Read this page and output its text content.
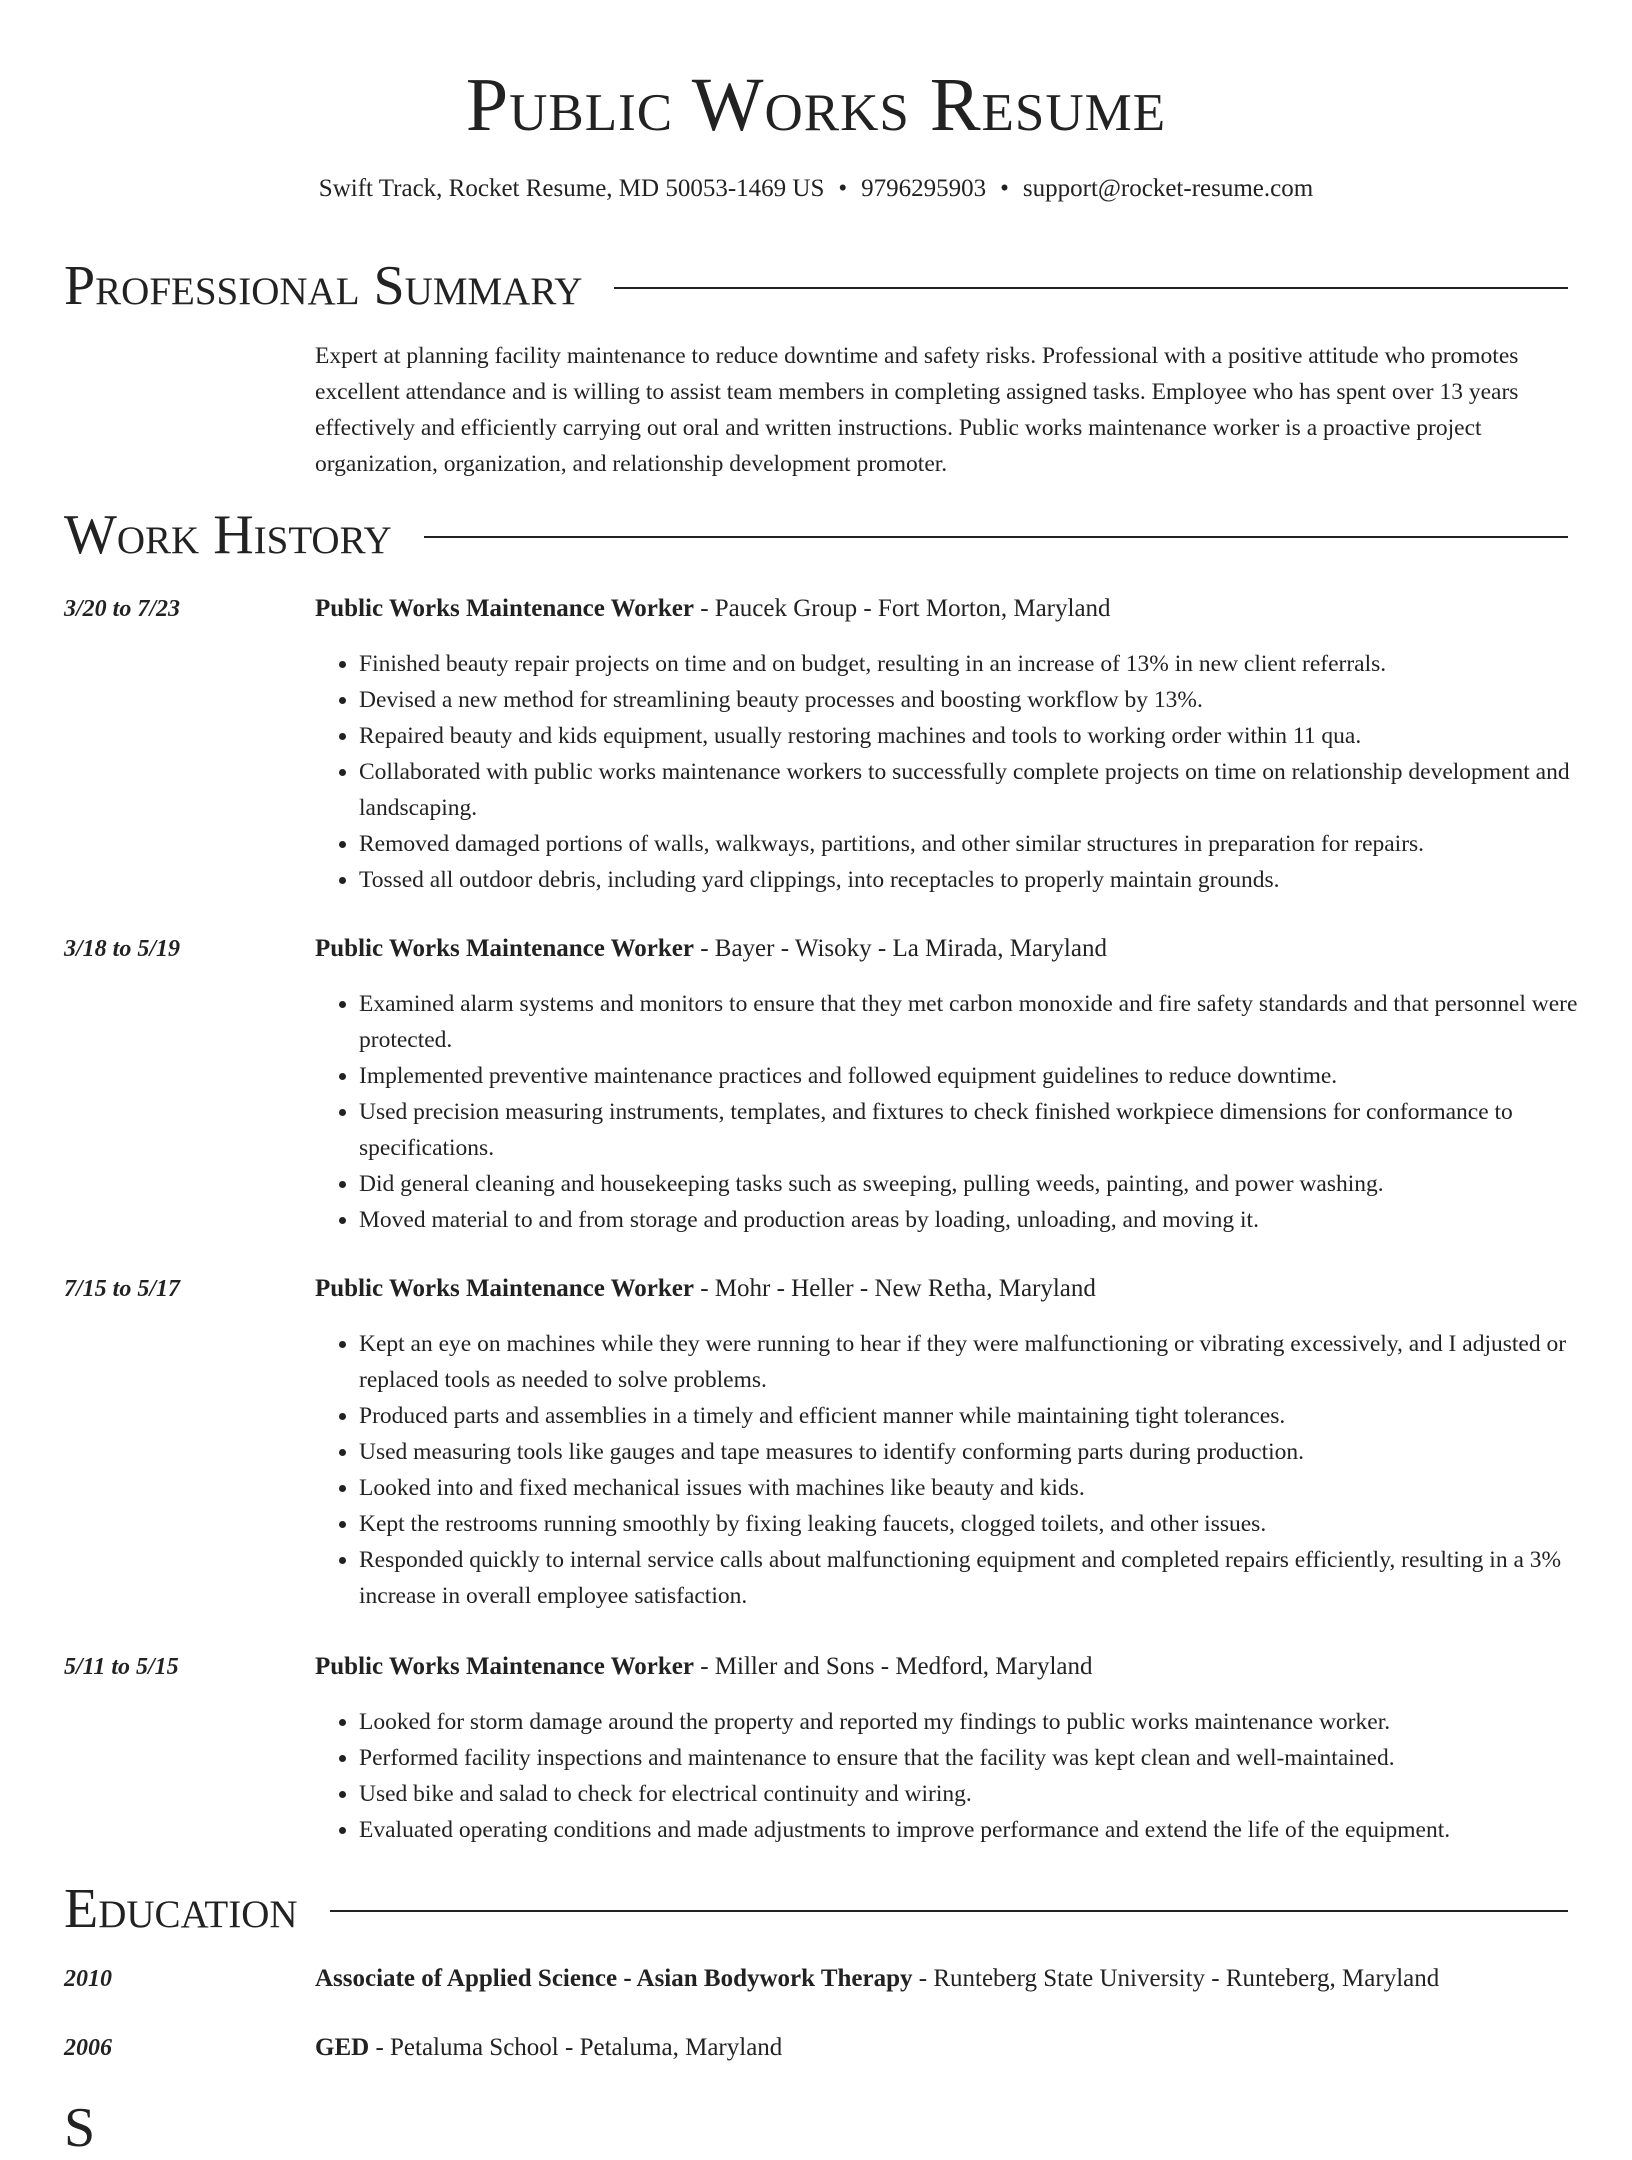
Public Works Resume
Swift Track, Rocket Resume, MD 50053-1469 US • 9796295903 • support@rocket-resume.com
Professional Summary

Expert at planning facility maintenance to reduce downtime and safety risks. Professional with a positive attitude who promotes excellent attendance and is willing to assist team members in completing assigned tasks. Employee who has spent over 13 years effectively and efficiently carrying out oral and written instructions. Public works maintenance worker is a proactive project organization, organization, and relationship development promoter.

Work History
3/20 to 7/23	Public Works Maintenance Worker - Paucek Group - Fort Morton, Maryland
• Finished beauty repair projects on time and on budget, resulting in an increase of 13% in new client referrals.
• Devised a new method for streamlining beauty processes and boosting workflow by 13%.
• Repaired beauty and kids equipment, usually restoring machines and tools to working order within 11 qua.
• Collaborated with public works maintenance workers to successfully complete projects on time on relationship development and landscaping.
• Removed damaged portions of walls, walkways, partitions, and other similar structures in preparation for repairs.
• Tossed all outdoor debris, including yard clippings, into receptacles to properly maintain grounds.
3/18 to 5/19	Public Works Maintenance Worker - Bayer - Wisoky - La Mirada, Maryland
• Examined alarm systems and monitors to ensure that they met carbon monoxide and fire safety standards and that personnel were protected.
• Implemented preventive maintenance practices and followed equipment guidelines to reduce downtime.
• Used precision measuring instruments, templates, and fixtures to check finished workpiece dimensions for conformance to specifications.
• Did general cleaning and housekeeping tasks such as sweeping, pulling weeds, painting, and power washing.
• Moved material to and from storage and production areas by loading, unloading, and moving it.
7/15 to 5/17	Public Works Maintenance Worker - Mohr - Heller - New Retha, Maryland
• Kept an eye on machines while they were running to hear if they were malfunctioning or vibrating excessively, and I adjusted or replaced tools as needed to solve problems.
• Produced parts and assemblies in a timely and efficient manner while maintaining tight tolerances.
• Used measuring tools like gauges and tape measures to identify conforming parts during production.
• Looked into and fixed mechanical issues with machines like beauty and kids.
• Kept the restrooms running smoothly by fixing leaking faucets, clogged toilets, and other issues.
• Responded quickly to internal service calls about malfunctioning equipment and completed repairs efficiently, resulting in a 3% increase in overall employee satisfaction.
5/11 to 5/15	Public Works Maintenance Worker - Miller and Sons - Medford, Maryland
• Looked for storm damage around the property and reported my findings to public works maintenance worker.
• Performed facility inspections and maintenance to ensure that the facility was kept clean and well-maintained.
• Used bike and salad to check for electrical continuity and wiring.
• Evaluated operating conditions and made adjustments to improve performance and extend the life of the equipment.
Education
2010	Associate of Applied Science - Asian Bodywork Therapy - Runteberg State University - Runteberg, Maryland
2006	GED - Petaluma School - Petaluma, Maryland
S
